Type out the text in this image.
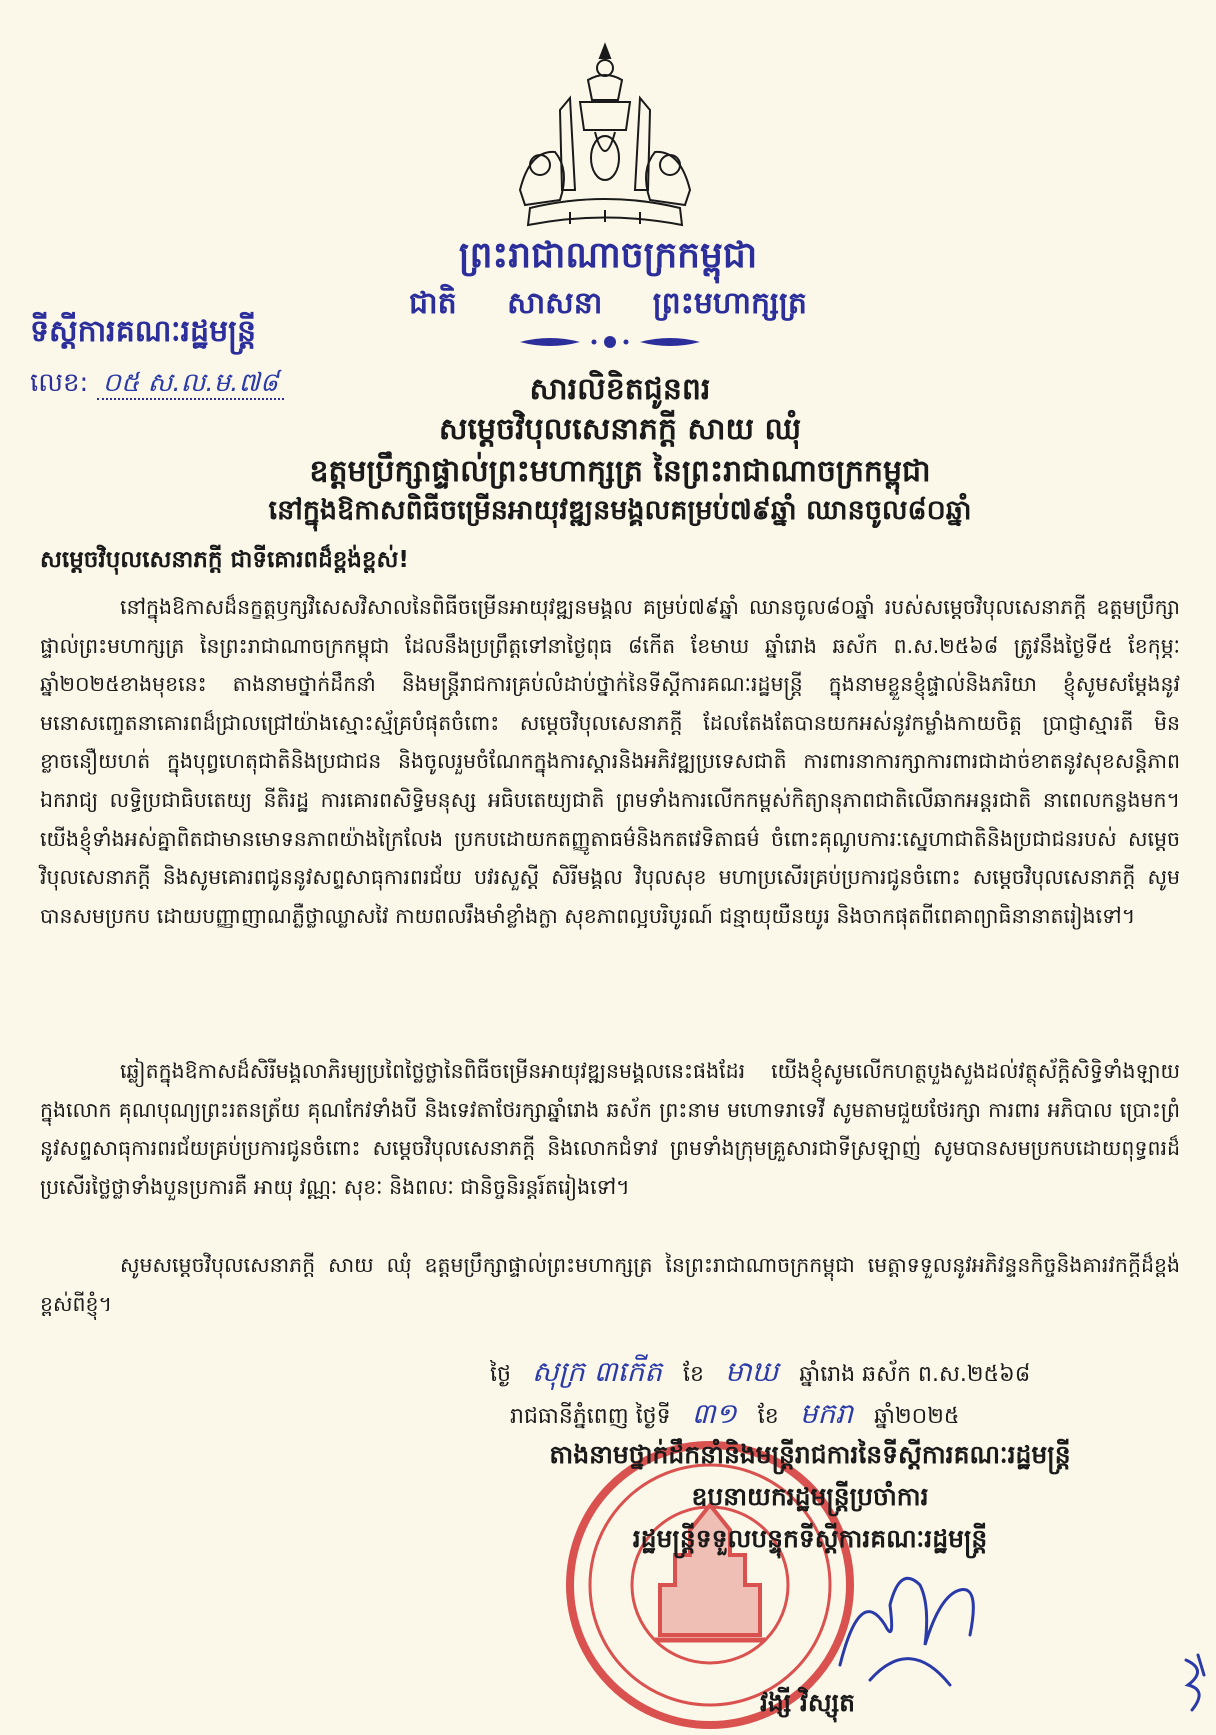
ព្រះរាជាណាចក្រកម្ពុជា
ជាតិ សាសនា ព្រះមហាក្សត្រ
ទីស្តីការគណៈរដ្ឋមន្ត្រី
លេខ: ០៥ ស.ល.ម.៧៨	សារលិខិតជូនពរ
សម្តេចវិបុលសេនាភក្តី សាយ ឈុំ
ឧត្តមប្រឹក្សាផ្ទាល់ព្រះមហាក្សត្រ នៃព្រះរាជាណាចក្រកម្ពុជា
នៅក្នុងឱកាសពិធីចម្រើនអាយុវឌ្ឍនមង្គលគម្រប់៧៩ឆ្នាំ ឈានចូល៨០ឆ្នាំ
សម្តេចវិបុលសេនាភក្តី ជាទីគោរពដ៏ខ្ពង់ខ្ពស់!

នៅក្នុងឱកាសដ៏នក្ខត្តឫក្សវិសេសវិសាលនៃពិធីចម្រើនអាយុវឌ្ឍនមង្គល គម្រប់៧៩ឆ្នាំ ឈានចូល៨០ឆ្នាំ របស់សម្តេចវិបុលសេនាភក្តី ឧត្តមប្រឹក្សាផ្ទាល់ព្រះមហាក្សត្រ នៃព្រះរាជាណាចក្រកម្ពុជា ដែលនឹងប្រព្រឹត្តទៅនាថ្ងៃពុធ ៨កើត ខែមាឃ ឆ្នាំរោង ឆស័ក ព.ស.២៥៦៨ ត្រូវនឹងថ្ងៃទី៥ ខែកុម្ភៈ ឆ្នាំ២០២៥ខាងមុខនេះ តាងនាមថ្នាក់ដឹកនាំ និងមន្ត្រីរាជការគ្រប់លំដាប់ថ្នាក់នៃទីស្តីការគណៈរដ្ឋមន្ត្រី ក្នុងនាមខ្លួនខ្ញុំផ្ទាល់និងភរិយា ខ្ញុំសូមសម្តែងនូវមនោសញ្ចេតនាគោរពដ៏ជ្រាលជ្រៅយ៉ាងស្មោះស្ម័គ្របំផុតចំពោះ សម្តេចវិបុលសេនាភក្តី ដែលតែងតែបានយកអស់នូវកម្លាំងកាយចិត្ត ប្រាជ្ញាស្មារតី មិនខ្លាចនឿយហត់ ក្នុងបុព្វហេតុជាតិនិងប្រជាជន និងចូលរួមចំណែកក្នុងការស្តារនិងអភិវឌ្ឍប្រទេសជាតិ ការពារនាការក្សាការពារជាដាច់ខាតនូវសុខសន្តិភាព ឯករាជ្យ លទ្ធិប្រជាធិបតេយ្យ នីតិរដ្ឋ ការគោរពសិទ្ធិមនុស្ស អធិបតេយ្យជាតិ ព្រមទាំងការលើកកម្ពស់កិត្យានុភាពជាតិលើឆាកអន្តរជាតិ នាពេលកន្លងមក។ យើងខ្ញុំទាំងអស់គ្នាពិតជាមានមោទនភាពយ៉ាងក្រៃលែង ប្រកបដោយកតញ្ញូតាធម៌និងកតវេទិតាធម៌ ចំពោះគុណូបការៈស្នេហាជាតិនិងប្រជាជនរបស់ សម្តេចវិបុលសេនាភក្តី និងសូមគោរពជូននូវសព្ទសាធុការពរជ័យ បវរសួស្តី សិរីមង្គល វិបុលសុខ មហាប្រសើរគ្រប់ប្រការជូនចំពោះ សម្តេចវិបុលសេនាភក្តី សូមបានសមប្រកប ដោយបញ្ញាញាណភ្លឺថ្លាឈ្លាសវៃ កាយពលរឹងមាំខ្លាំងក្លា សុខភាពល្អបរិបូរណ៍ ជន្មាយុយឺនយូរ និងចាកផុតពីពេគាព្យាធិនានាតរៀងទៅ។

ឆ្លៀតក្នុងឱកាសដ៏សិរីមង្គលាភិរម្យប្រពៃថ្លៃថ្លានៃពិធីចម្រើនអាយុវឌ្ឍនមង្គលនេះផងដែរ យើងខ្ញុំសូមលើកហត្ថបួងសួងដល់វត្ថុស័ក្តិសិទ្ធិទាំងឡាយក្នុងលោក គុណបុណ្យព្រះរតនត្រ័យ គុណកែវទាំងបី និងទេវតាថែរក្សាឆ្នាំរោង ឆស័ក ព្រះនាម មហោទរាទេវី សូមតាមជួយថែរក្សា ការពារ អភិបាល ប្រោះព្រំនូវសព្ទសាធុការពរជ័យគ្រប់ប្រការជូនចំពោះ សម្តេចវិបុលសេនាភក្តី និងលោកជំទាវ ព្រមទាំងក្រុមគ្រួសារជាទីស្រឡាញ់ សូមបានសមប្រកបដោយពុទ្ធពរដ៏ប្រសើរថ្លៃថ្លាទាំងបួនប្រការគឺ អាយុ វណ្ណៈ សុខៈ និងពលៈ ជានិច្ចនិរន្តរ៍តរៀងទៅ។

សូមសម្តេចវិបុលសេនាភក្តី សាយ ឈុំ ឧត្តមប្រឹក្សាផ្ទាល់ព្រះមហាក្សត្រ នៃព្រះរាជាណាចក្រកម្ពុជា មេត្តាទទួលនូវអភិវន្ទនកិច្ចនិងគារវកក្តីដ៏ខ្ពង់ខ្ពស់ពីខ្ញុំ។

ថ្ងៃ សុក្រ ៣កើត ខែ មាឃ ឆ្នាំរោង ឆស័ក ព.ស.២៥៦៨
រាជធានីភ្នំពេញ ថ្ងៃទី ៣១ ខែ មករា ឆ្នាំ២០២៥
តាងនាមថ្នាក់ដឹកនាំនិងមន្ត្រីរាជការនៃទីស្តីការគណៈរដ្ឋមន្ត្រី
ឧបនាយករដ្ឋមន្ត្រីប្រចាំការ
រដ្ឋមន្ត្រីទទួលបន្ទុកទីស្តីការគណៈរដ្ឋមន្ត្រី
វង្សី វិស្សុត
